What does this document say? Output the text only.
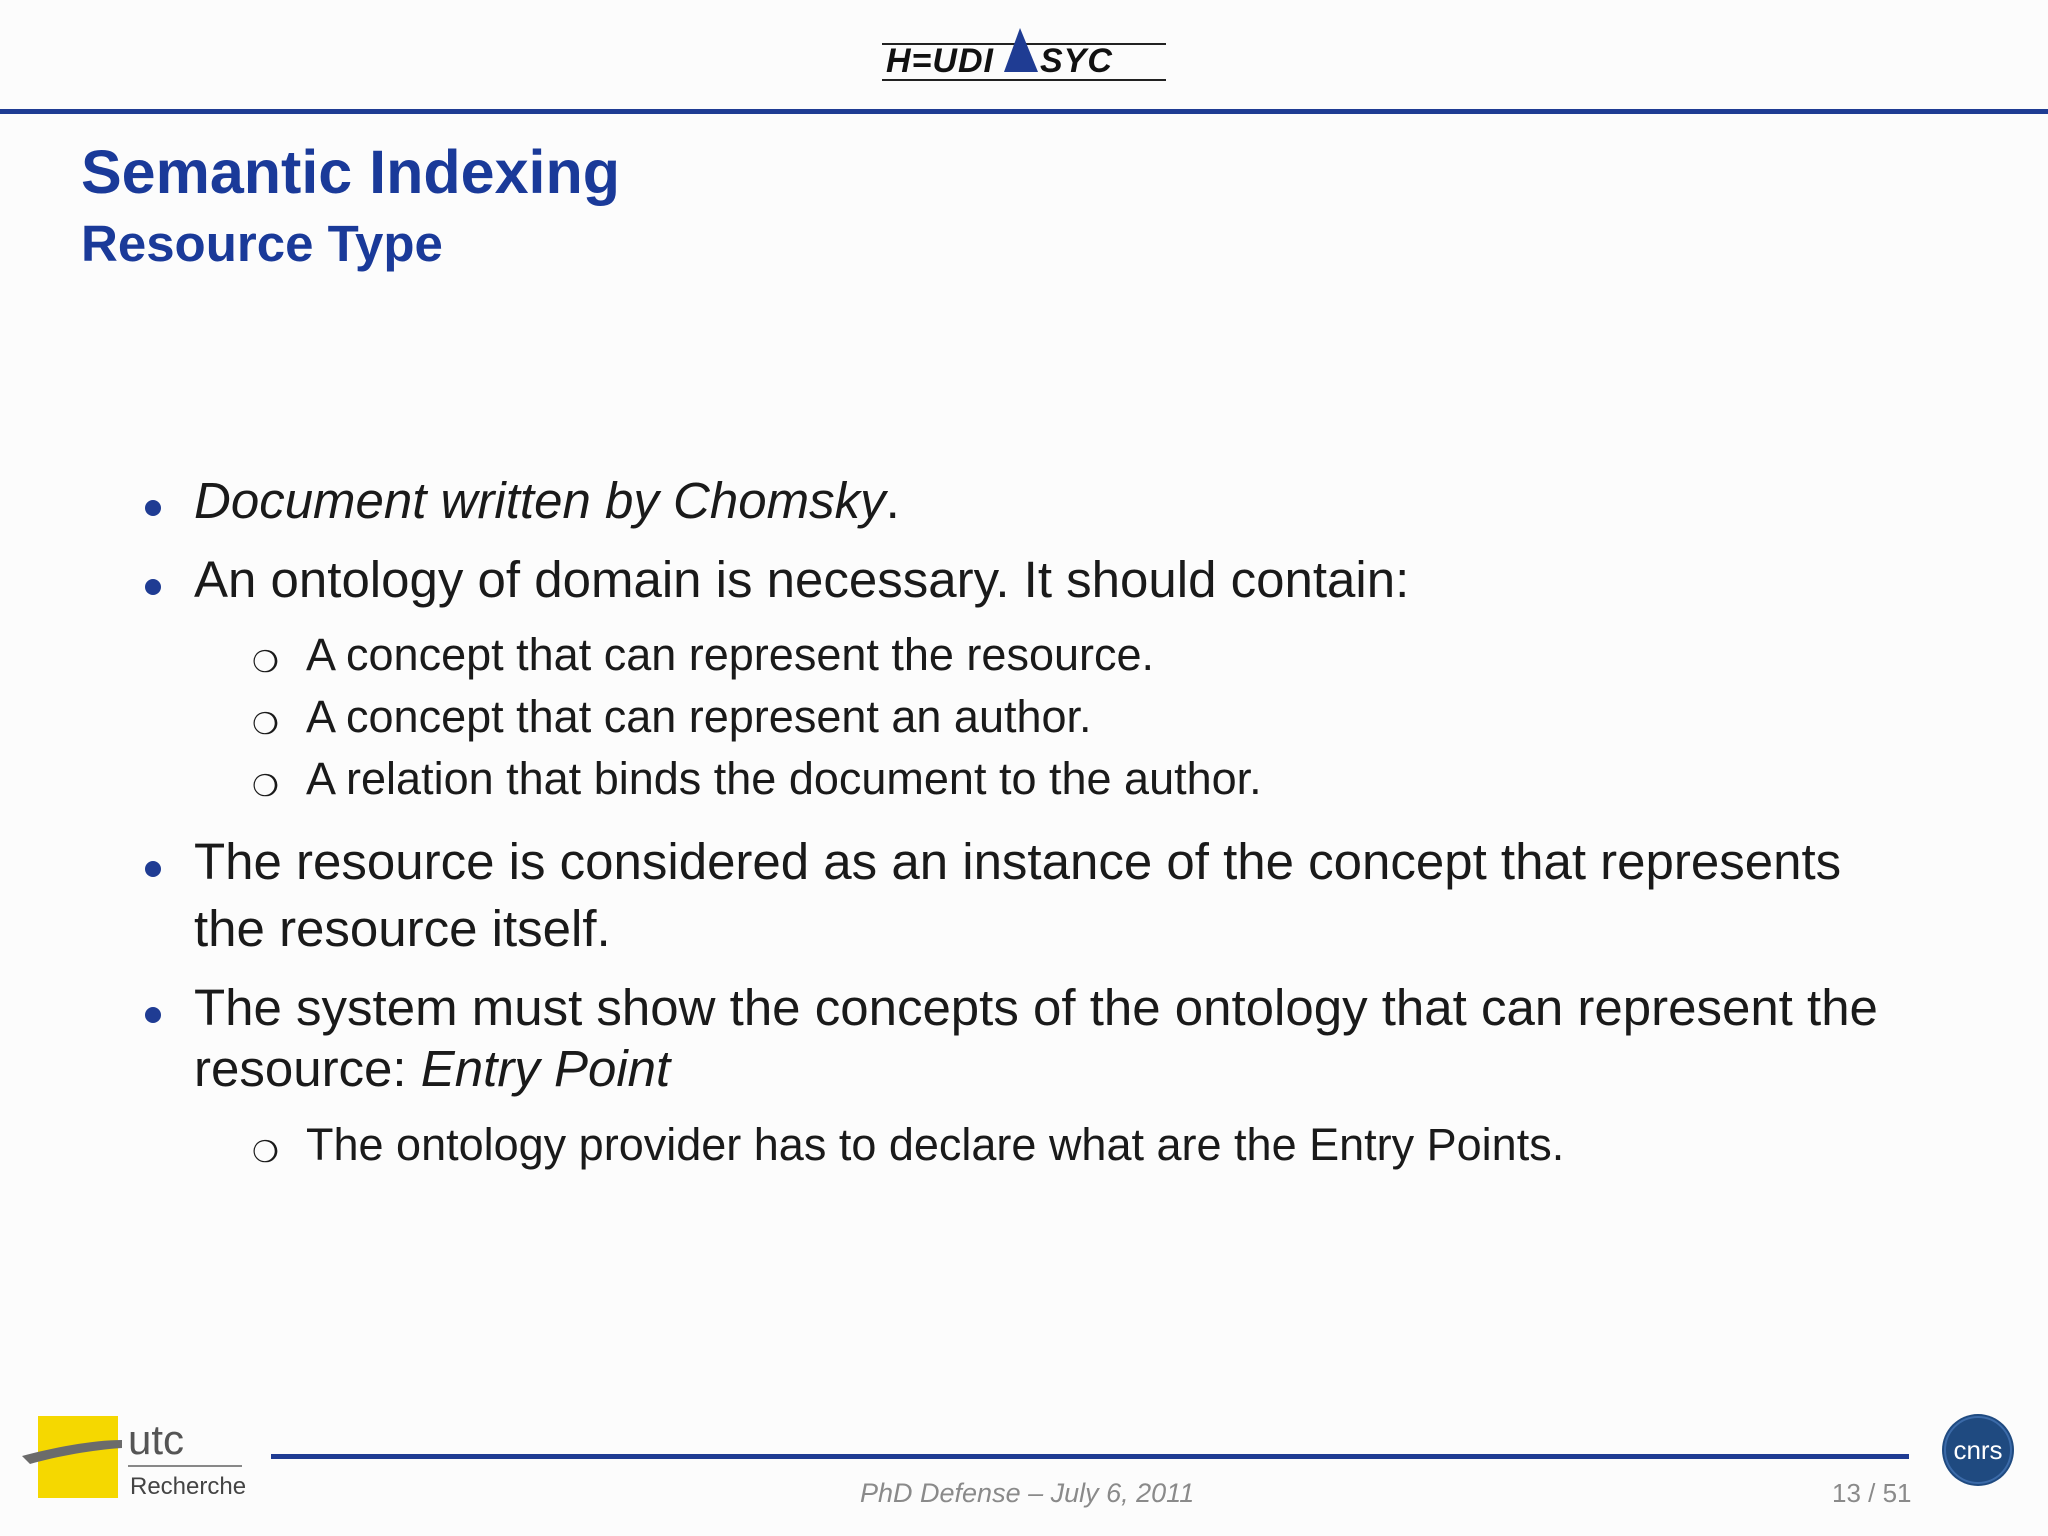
H=UDI SYC
Semantic Indexing
Resource Type
Document written by Chomsky.
An ontology of domain is necessary. It should contain:
❍ A concept that can represent the resource.
❍ A concept that can represent an author.
❍ A relation that binds the document to the author.
The resource is considered as an instance of the concept that represents
the resource itself.
The system must show the concepts of the ontology that can represent the
resource: Entry Point
❍ The ontology provider has to declare what are the Entry Points.
utc
Recherche	PhD Defense – July 6, 2011	13 / 51
cnrs
